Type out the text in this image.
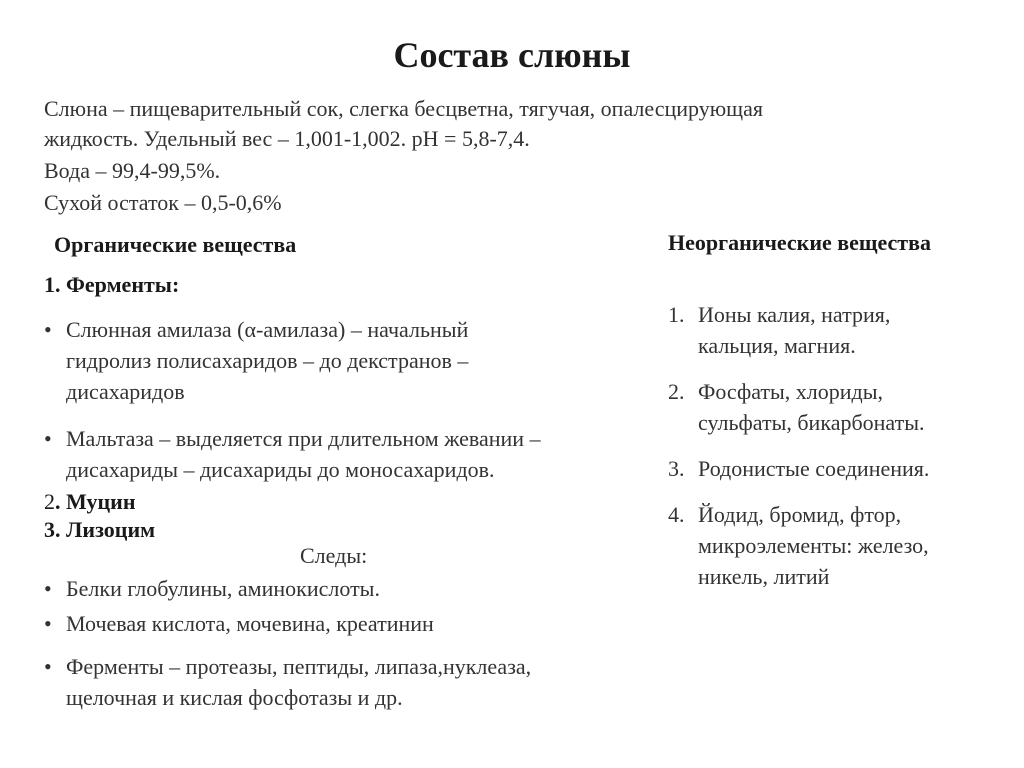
Состав слюны
Слюна – пищеварительный сок, слегка бесцветна, тягучая, опалесцирующая
жидкость. Удельный вес – 1,001-1,002. рН = 5,8-7,4.
Вода – 99,4-99,5%.
Сухой остаток – 0,5-0,6%
Органические вещества
1. Ферменты:
• Слюнная амилаза (α-амилаза) – начальный
гидролиз полисахаридов – до декстранов –
дисахаридов
• Мальтаза – выделяется при длительном жевании –
дисахариды – дисахариды до моносахаридов.
2. Муцин
3. Лизоцим
Следы:
• Белки глобулины, аминокислоты.
• Мочевая кислота, мочевина, креатинин
• Ферменты – протеазы, пептиды, липаза,нуклеаза,
щелочная и кислая фосфотазы и др.
Неорганические вещества
1. Ионы калия, натрия,
кальция, магния.
2. Фосфаты, хлориды,
сульфаты, бикарбонаты.
3. Родонистые соединения.
4. Йодид, бромид, фтор,
микроэлементы: железо,
никель, литий
